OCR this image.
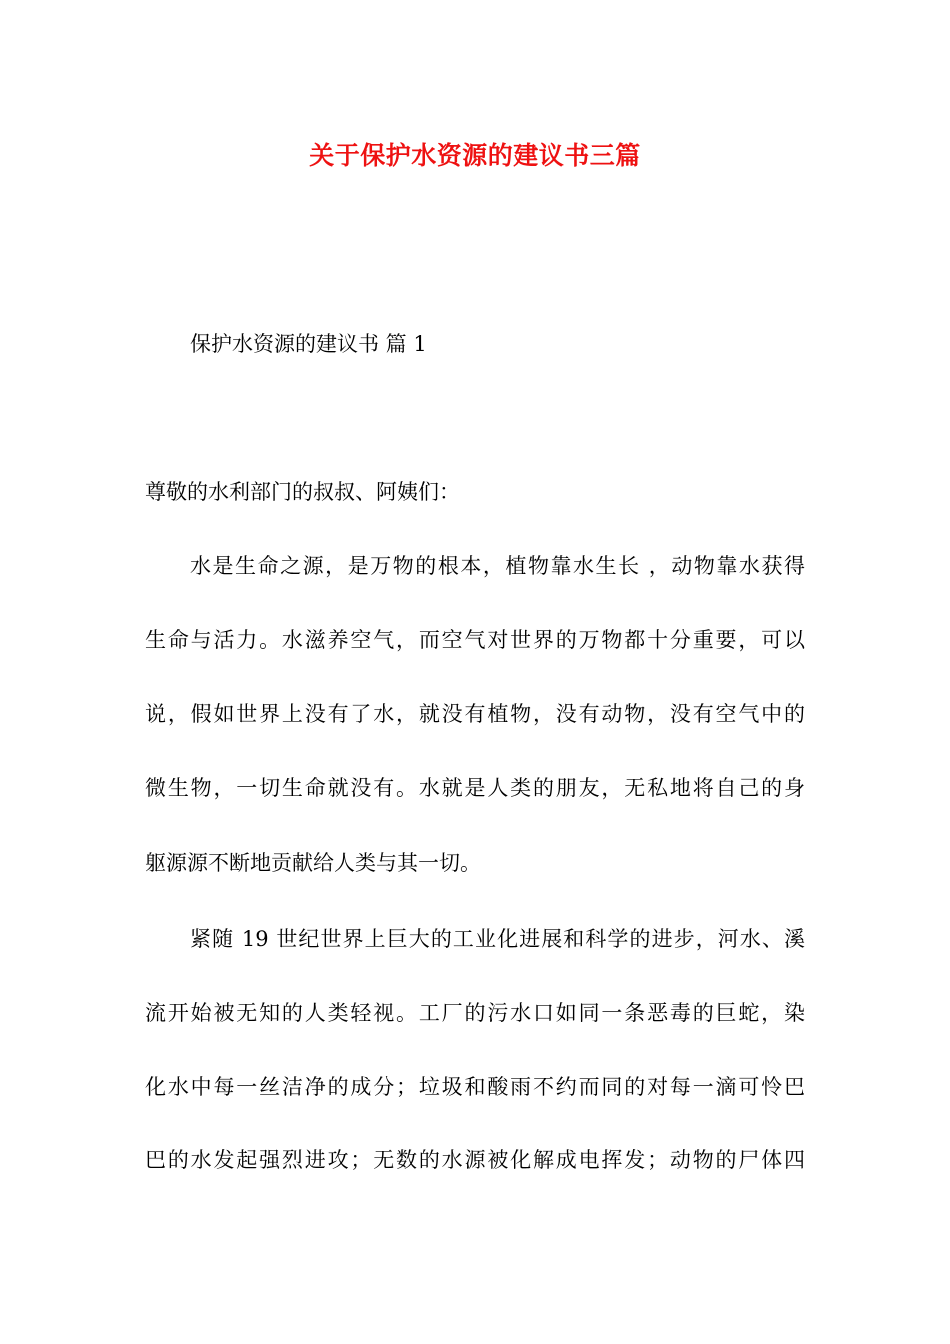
关于保护水资源的建议书三篇

保护水资源的建议书 篇 1

尊敬的水利部门的叔叔、阿姨们：

水是生命之源，是万物的根本，植物靠水生长 ，动物靠水获得

生命与活力。水滋养空气，而空气对世界的万物都十分重要，可以

说，假如世界上没有了水，就没有植物，没有动物，没有空气中的

微生物，一切生命就没有。水就是人类的朋友，无私地将自己的身

躯源源不断地贡献给人类与其一切。

紧随 19 世纪世界上巨大的工业化进展和科学的进步，河水、溪

流开始被无知的人类轻视。工厂的污水口如同一条恶毒的巨蛇，染

化水中每一丝洁净的成分；垃圾和酸雨不约而同的对每一滴可怜巴

巴的水发起强烈进攻；无数的水源被化解成电挥发；动物的尸体四
